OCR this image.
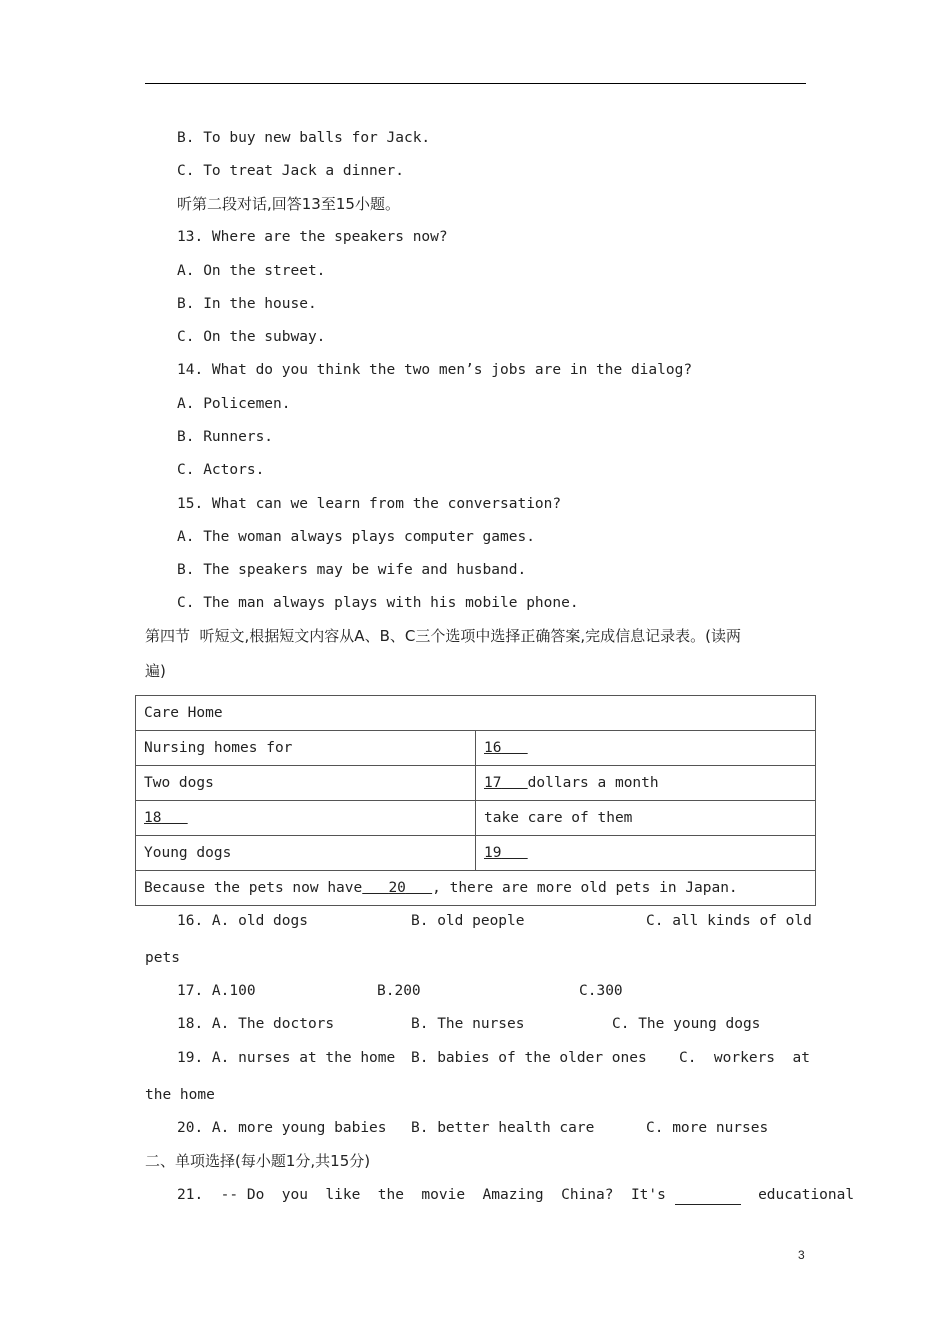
B. To buy new balls for Jack.
C. To treat Jack a dinner.
听第二段对话,回答13至15小题。
13. Where are the speakers now?
A. On the street.
B. In the house.
C. On the subway.
14. What do you think the two men’s jobs are in the dialog?
A. Policemen.
B. Runners.
C. Actors.
15. What can we learn from the conversation?
A. The woman always plays computer games.
B. The speakers may be wife and husband.
C. The man always plays with his mobile phone.
第四节  听短文,根据短文内容从A、B、C三个选项中选择正确答案,完成信息记录表。(读两
遍)
Care Home	
Nursing homes for	16
Two dogs	17 dollars a month
18	take care of them
Young dogs	19
Because the pets now have 20 , there are more old pets in Japan.	
16. A. old dogs	B. old people	C. all kinds of old
pets
17. A.100	B.200	C.300
18. A. The doctors	B. The nurses	C. The young dogs
19. A. nurses at the home B. babies of the older ones C.  workers  at
the home
20. A. more young babies B. better health care	C. more nurses
二、单项选择(每小题1分,共15分)
21.  -- Do  you  like  the  movie  Amazing  China?  It's	educational
3
